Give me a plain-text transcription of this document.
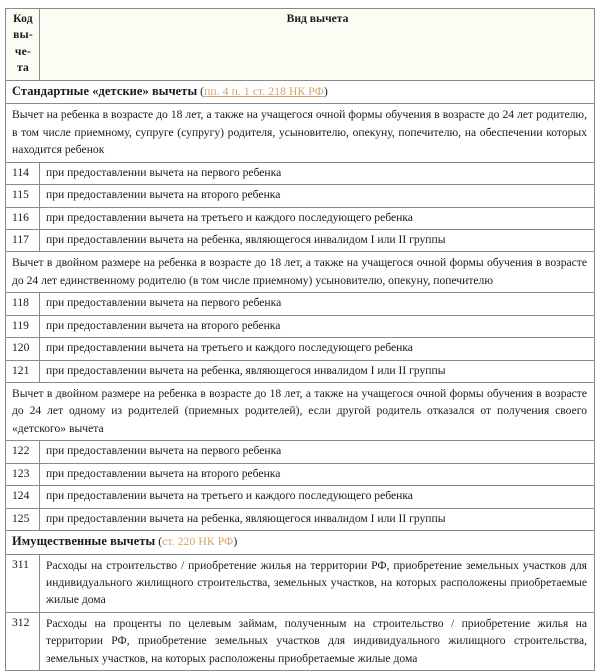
Код
вы-
че-
та	Вид вычета
Стандартные «детские» вычеты (пп. 4 п. 1 ст. 218 НК РФ)	
Вычет на ребенка в возрасте до 18 лет, а также на учащегося очной формы обучения в возрасте до 24 лет родителю, в том числе приемному, супруге (супругу) родителя, усыновителю, опекуну, попечителю, на обеспечении которых находится ребенок	
114	при предоставлении вычета на первого ребенка
115	при предоставлении вычета на второго ребенка
116	при предоставлении вычета на третьего и каждого последующего ребенка
117	при предоставлении вычета на ребенка, являющегося инвалидом I или II группы
Вычет в двойном размере на ребенка в возрасте до 18 лет, а также на учащегося очной формы обучения в возрасте до 24 лет единственному родителю (в том числе приемному) усыновителю, опекуну, попечителю	
118	при предоставлении вычета на первого ребенка
119	при предоставлении вычета на второго ребенка
120	при предоставлении вычета на третьего и каждого последующего ребенка
121	при предоставлении вычета на ребенка, являющегося инвалидом I или II группы
Вычет в двойном размере на ребенка в возрасте до 18 лет, а также на учащегося очной формы обучения в возрасте до 24 лет одному из родителей (приемных родителей), если другой родитель отказался от получения своего «детского» вычета	
122	при предоставлении вычета на первого ребенка
123	при предоставлении вычета на второго ребенка
124	при предоставлении вычета на третьего и каждого последующего ребенка
125	при предоставлении вычета на ребенка, являющегося инвалидом I или II группы
Имущественные вычеты (ст. 220 НК РФ)	
311	Расходы на строительство / приобретение жилья на территории РФ, приобретение земельных участков для индивидуального жилищного строительства, земельных участков, на которых расположены приобретаемые жилые дома
312	Расходы на проценты по целевым займам, полученным на строительство / приобретение жилья на территории РФ, приобретение земельных участков для индивидуального жилищного строительства, земельных участков, на которых расположены приобретаемые жилые дома
